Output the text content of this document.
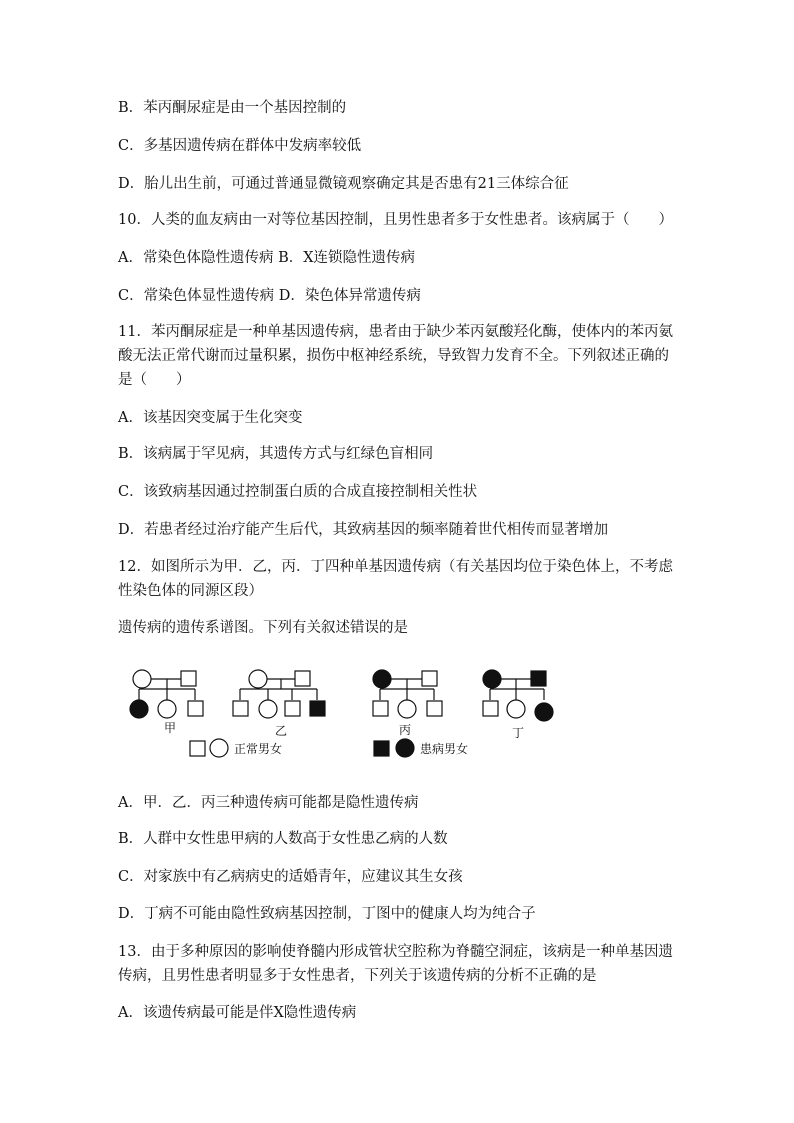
B．苯丙酮尿症是由一个基因控制的
C．多基因遗传病在群体中发病率较低
D．胎儿出生前，可通过普通显微镜观察确定其是否患有21三体综合征
10．人类的血友病由一对等位基因控制，且男性患者多于女性患者。该病属于（　　）
A．常染色体隐性遗传病 B．X连锁隐性遗传病
C．常染色体显性遗传病 D．染色体异常遗传病
11．苯丙酮尿症是一种单基因遗传病，患者由于缺少苯丙氨酸羟化酶，使体内的苯丙氨
酸无法正常代谢而过量积累，损伤中枢神经系统，导致智力发育不全。下列叙述正确的
是（　　）
A．该基因突变属于生化突变
B．该病属于罕见病，其遗传方式与红绿色盲相同
C．该致病基因通过控制蛋白质的合成直接控制相关性状
D．若患者经过治疗能产生后代，其致病基因的频率随着世代相传而显著增加
12．如图所示为甲．乙，丙．丁四种单基因遗传病（有关基因均位于染色体上，不考虑
性染色体的同源区段）
遗传病的遗传系谱图。下列有关叙述错误的是
甲	乙	丙	丁
正常男女	患病男女
A．甲．乙．丙三种遗传病可能都是隐性遗传病
B．人群中女性患甲病的人数高于女性患乙病的人数
C．对家族中有乙病病史的适婚青年，应建议其生女孩
D．丁病不可能由隐性致病基因控制，丁图中的健康人均为纯合子
13．由于多种原因的影响使脊髓内形成管状空腔称为脊髓空洞症，该病是一种单基因遗
传病，且男性患者明显多于女性患者，下列关于该遗传病的分析不正确的是
A．该遗传病最可能是伴X隐性遗传病
